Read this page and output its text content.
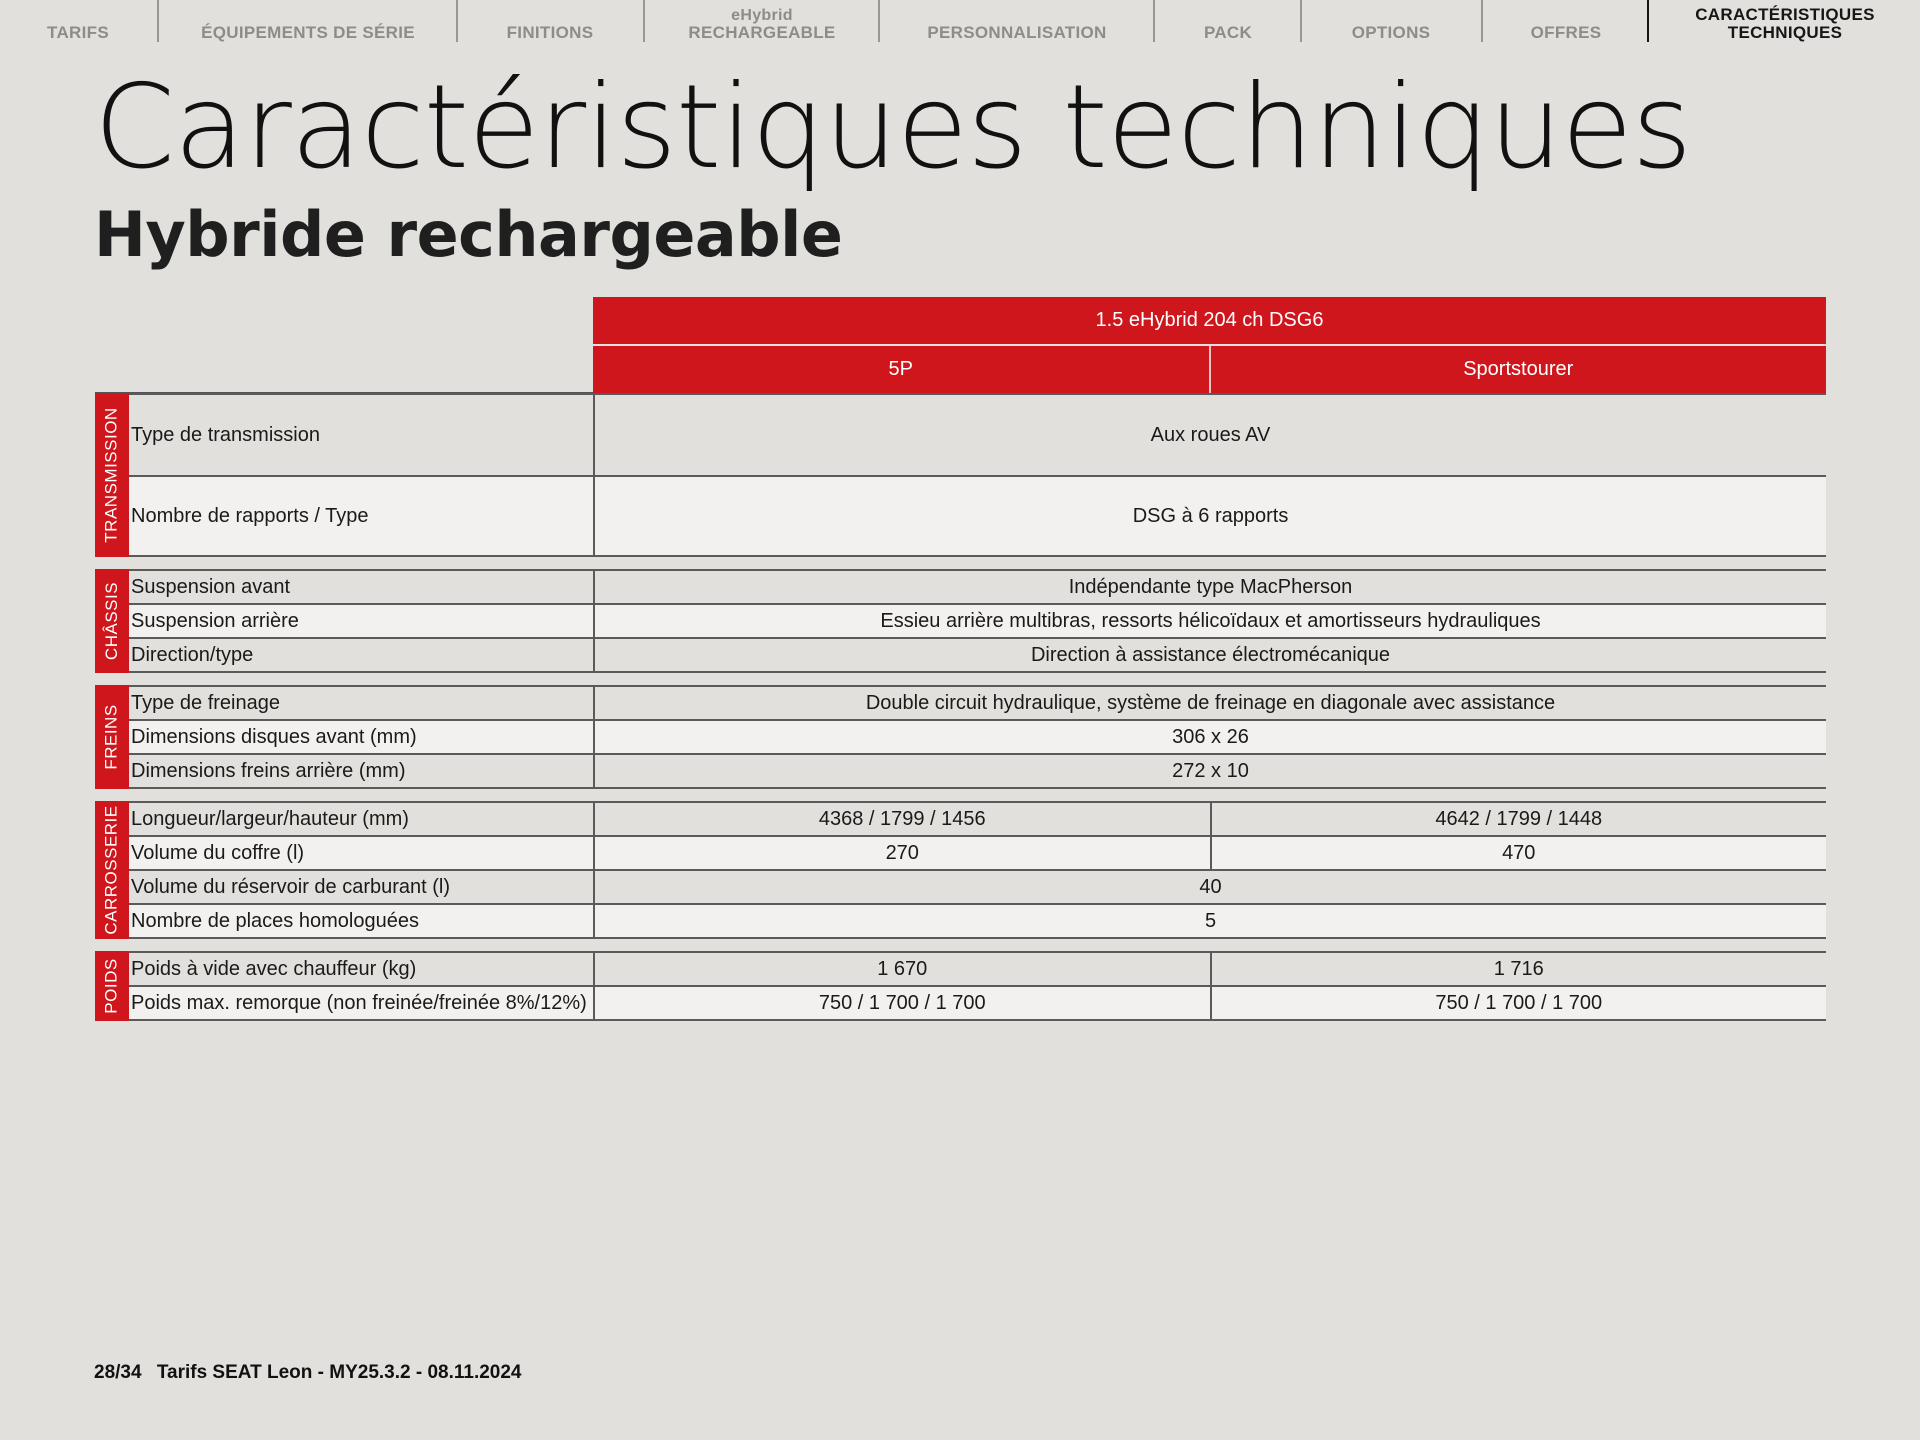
TARIFS	ÉQUIPEMENTS DE SÉRIE	FINITIONS
eHybrid
RECHARGEABLE	PERSONNALISATION	PACK	OPTIONS	OFFRES
CARACTÉRISTIQUES
TECHNIQUES
Caractéristiques techniques
Hybride rechargeable
1.5 eHybrid 204 ch DSG6
5P	Sportstourer
TRANSMISSION Type de transmission	Aux roues AV
Nombre de rapports / Type	DSG à 6 rapports
CHÂSSIS Suspension avant	Indépendante type MacPherson
Suspension arrière	Essieu arrière multibras, ressorts hélicoïdaux et amortisseurs hydrauliques
Direction/type	Direction à assistance électromécanique
FREINS
Type de freinage	Double circuit hydraulique, système de freinage en diagonale avec assistance
Dimensions disques avant (mm)	306 x 26
Dimensions freins arrière (mm)	272 x 10
CARROSSERIE Longueur/largeur/hauteur (mm)	4368 / 1799 / 1456	4642 / 1799 / 1448
Volume du coffre (l)	270	470
Volume du réservoir de carburant (l)	40
Nombre de places homologuées	5
POIDS Poids à vide avec chauffeur (kg)	1 670	1 716
Poids max. remorque (non freinée/freinée 8%/12%)	750 / 1 700 / 1 700	750 / 1 700 / 1 700
28/34 Tarifs SEAT Leon - MY25.3.2 - 08.11.2024
